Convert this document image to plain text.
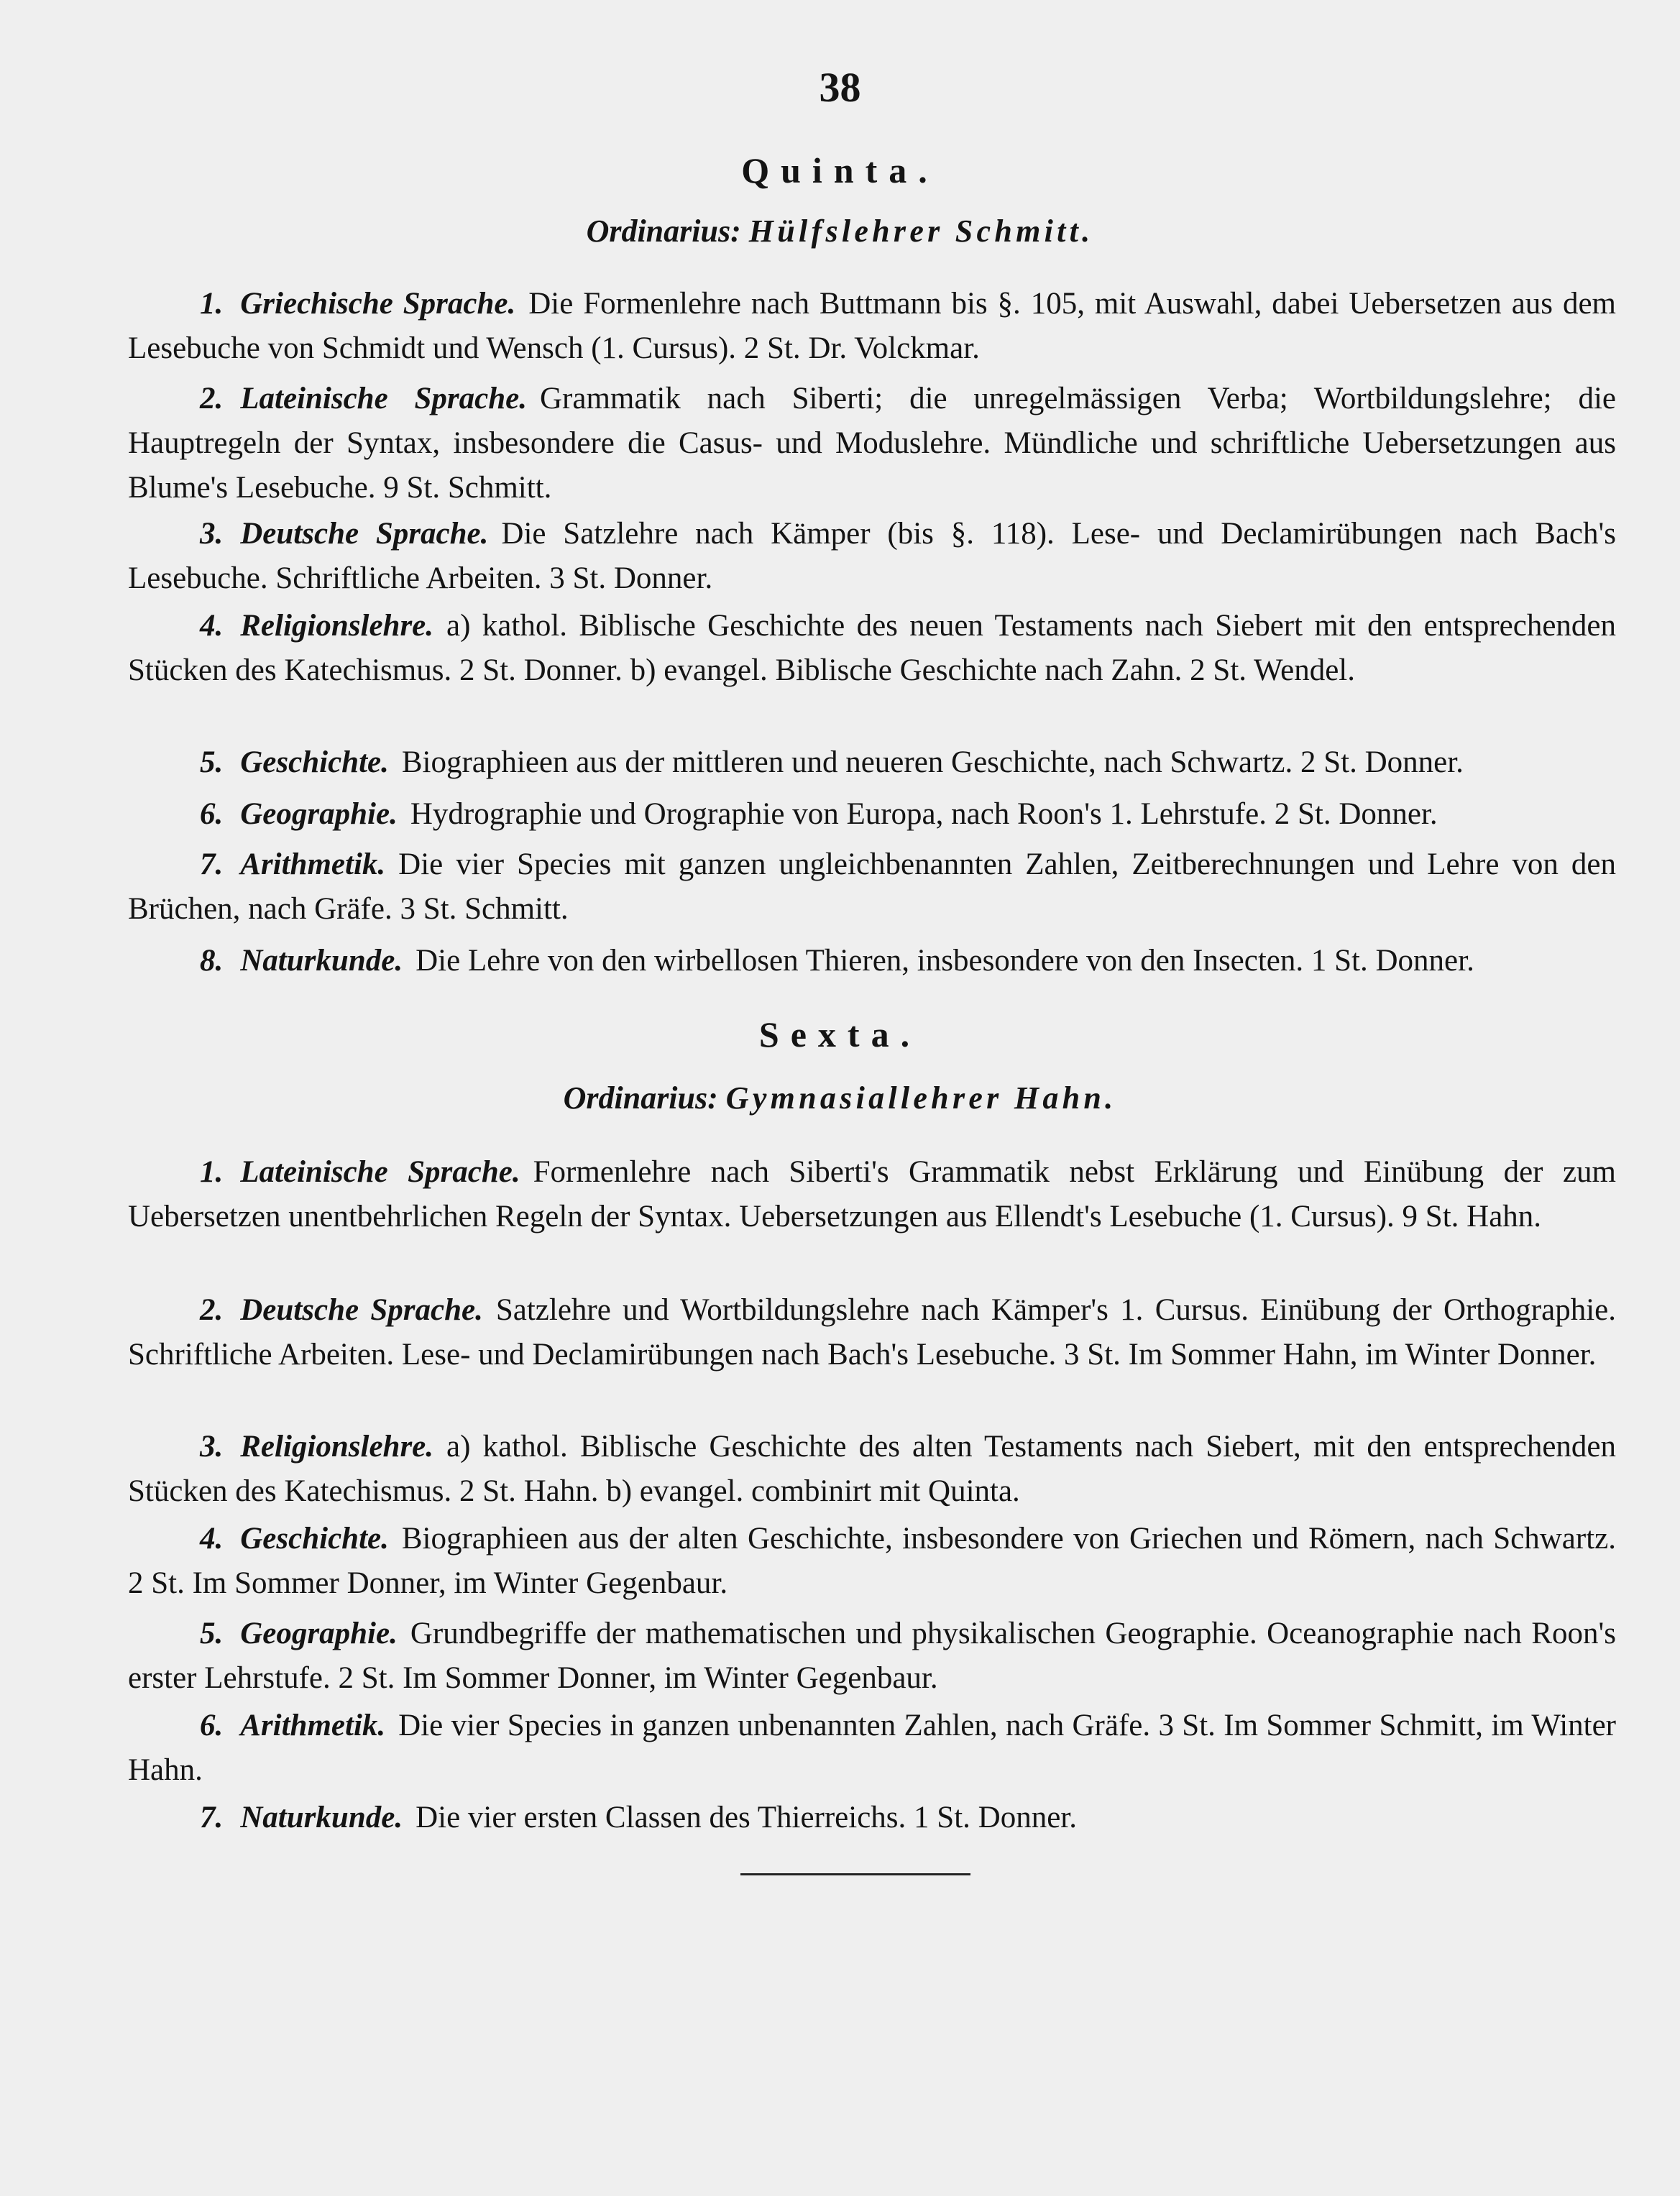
38
Quinta.
Ordinarius: Hülfslehrer Schmitt.
1. Griechische Sprache. Die Formenlehre nach Buttmann bis §. 105, mit Auswahl, dabei Uebersetzen aus dem Lesebuche von Schmidt und Wensch (1. Cursus). 2 St. Dr. Volckmar.
2. Lateinische Sprache. Grammatik nach Siberti; die unregelmässigen Verba; Wortbildungslehre; die Hauptregeln der Syntax, insbesondere die Casus- und Moduslehre. Mündliche und schriftliche Uebersetzungen aus Blume's Lesebuche. 9 St. Schmitt.
3. Deutsche Sprache. Die Satzlehre nach Kämper (bis §. 118). Lese- und Declamirübungen nach Bach's Lesebuche. Schriftliche Arbeiten. 3 St. Donner.
4. Religionslehre. a) kathol. Biblische Geschichte des neuen Testaments nach Siebert mit den entsprechenden Stücken des Katechismus. 2 St. Donner. b) evangel. Biblische Geschichte nach Zahn. 2 St. Wendel.
5. Geschichte. Biographieen aus der mittleren und neueren Geschichte, nach Schwartz. 2 St. Donner.
6. Geographie. Hydrographie und Orographie von Europa, nach Roon's 1. Lehrstufe. 2 St. Donner.
7. Arithmetik. Die vier Species mit ganzen ungleichbenannten Zahlen, Zeitberechnungen und Lehre von den Brüchen, nach Gräfe. 3 St. Schmitt.
8. Naturkunde. Die Lehre von den wirbellosen Thieren, insbesondere von den Insecten. 1 St. Donner.
Sexta.
Ordinarius: Gymnasiallehrer Hahn.
1. Lateinische Sprache. Formenlehre nach Siberti's Grammatik nebst Erklärung und Einübung der zum Uebersetzen unentbehrlichen Regeln der Syntax. Uebersetzungen aus Ellendt's Lesebuche (1. Cursus). 9 St. Hahn.
2. Deutsche Sprache. Satzlehre und Wortbildungslehre nach Kämper's 1. Cursus. Einübung der Orthographie. Schriftliche Arbeiten. Lese- und Declamirübungen nach Bach's Lesebuche. 3 St. Im Sommer Hahn, im Winter Donner.
3. Religionslehre. a) kathol. Biblische Geschichte des alten Testaments nach Siebert, mit den entsprechenden Stücken des Katechismus. 2 St. Hahn. b) evangel. combinirt mit Quinta.
4. Geschichte. Biographieen aus der alten Geschichte, insbesondere von Griechen und Römern, nach Schwartz. 2 St. Im Sommer Donner, im Winter Gegenbaur.
5. Geographie. Grundbegriffe der mathematischen und physikalischen Geographie. Oceanographie nach Roon's erster Lehrstufe. 2 St. Im Sommer Donner, im Winter Gegenbaur.
6. Arithmetik. Die vier Species in ganzen unbenannten Zahlen, nach Gräfe. 3 St. Im Sommer Schmitt, im Winter Hahn.
7. Naturkunde. Die vier ersten Classen des Thierreichs. 1 St. Donner.
